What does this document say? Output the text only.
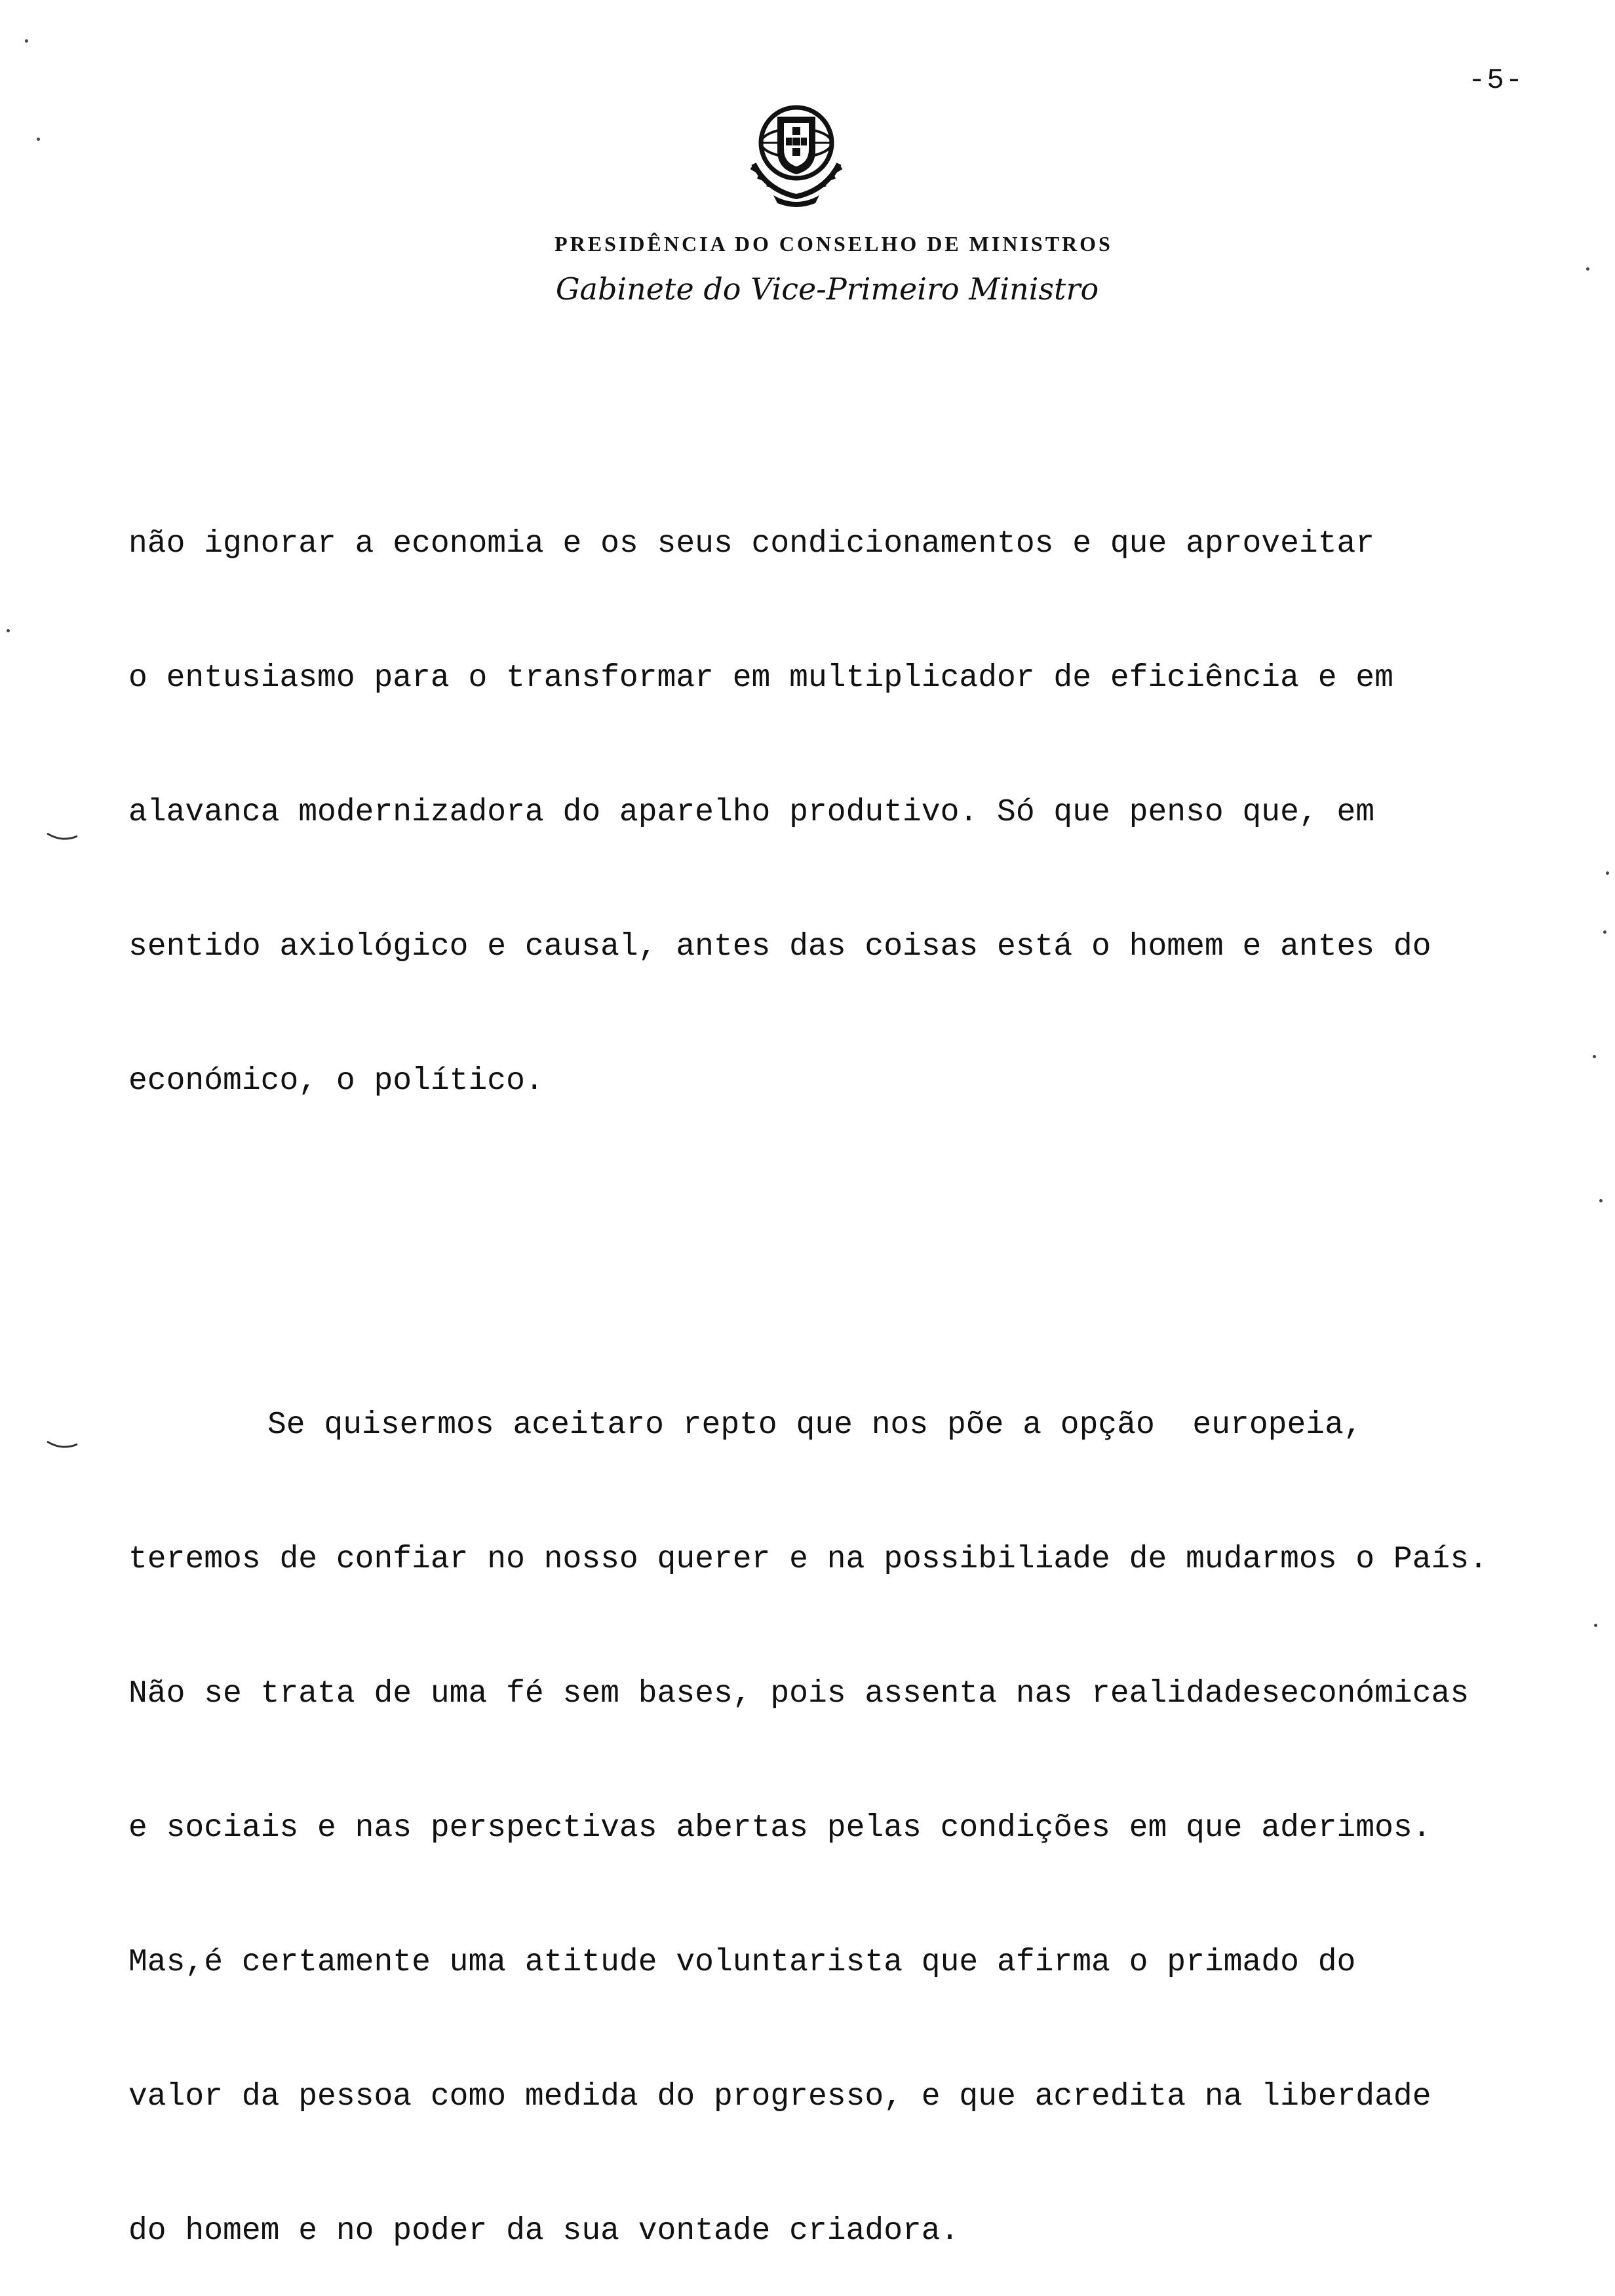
-5-
PRESIDÊNCIA DO CONSELHO DE MINISTROS
Gabinete do Vice-Primeiro Ministro
não ignorar a economia e os seus condicionamentos e que aproveitar
o entusiasmo para o transformar em multiplicador de eficiência e em
alavanca modernizadora do aparelho produtivo. Só que penso que, em
sentido axiológico e causal, antes das coisas está o homem e antes do
económico, o político.
Se quisermos aceitaro repto que nos põe a opção  europeia,
teremos de confiar no nosso querer e na possibiliade de mudarmos o País.
Não se trata de uma fé sem bases, pois assenta nas realidadeseconómicas
e sociais e nas perspectivas abertas pelas condições em que aderimos.
Mas,é certamente uma atitude voluntarista que afirma o primado do
valor da pessoa como medida do progresso, e que acredita na liberdade
do homem e no poder da sua vontade criadora.
